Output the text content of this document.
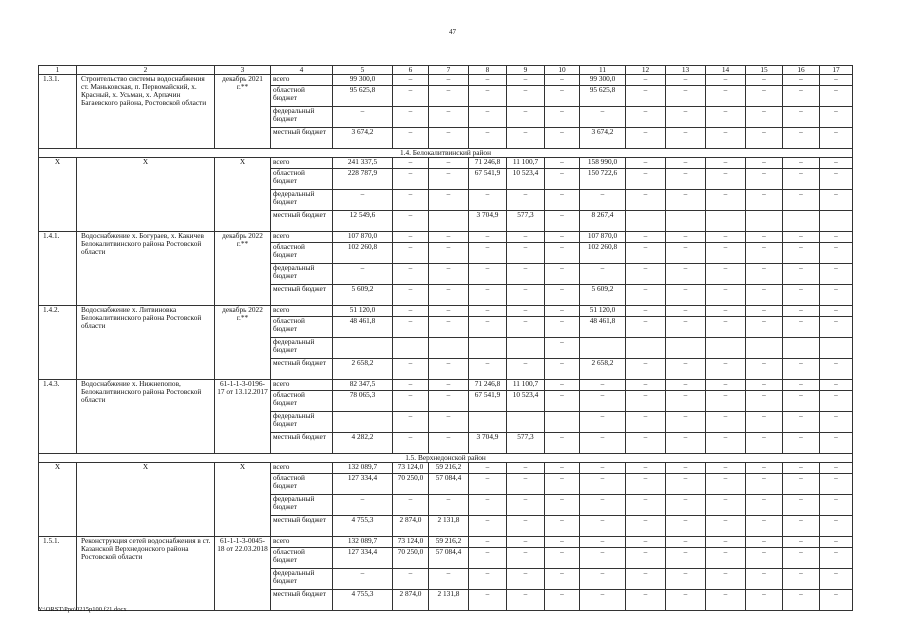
47
1	2	3	4	5	6	7	8	9	10	11	12	13	14	15	16	17
1.3.1.	Строительство системы водоснабжения ст. Маньковская, п. Первомайский, х. Красный, х. Усьман, х. Арпачин Багаевского района, Ростовской области	декабрь 2021 г.**	всего	99 300,0	–	–	–	–	–	99 300,0	–	–	–	–	–	–
			областной бюджет	95 625,8	–	–	–	–	–	95 625,8	–	–	–	–	–	–
			федеральный бюджет	–	–	–	–	–	–	–	–	–	–	–	–	–
			местный бюджет	3 674,2	–	–	–	–	–	3 674,2	–	–	–	–	–	–
1.4. Белокалитвинский район																
Х	Х	Х	всего	241 337,5	–	–	71 246,8	11 100,7	–	158 990,0	–	–	–	–	–	–
			областной бюджет	228 787,9	–	–	67 541,9	10 523,4	–	150 722,6	–	–	–	–	–	–
			федеральный бюджет	–	–	–	–	–	–	–	–	–	–	–	–	–
			местный бюджет	12 549,6	–		3 704,9	577,3	–	8 267,4						
1.4.1.	Водоснабжение х. Богураев, х. Какичев Белокалитвинского района Ростовской области	декабрь 2022 г.**	всего	107 870,0	–	–	–	–	–	107 870,0	–	–	–	–	–	–
			областной бюджет	102 260,8	–	–	–	–	–	102 260,8	–	–	–	–	–	–
			федеральный бюджет	–	–	–	–	–	–	–	–	–	–	–	–	–
			местный бюджет	5 609,2	–	–	–	–	–	5 609,2	–	–	–	–	–	–
1.4.2.	Водоснабжение х. Литвиновка Белокалитвинского района Ростовской области	декабрь 2022 г.**	всего	51 120,0	–	–	–	–	–	51 120,0	–	–	–	–	–	–
			областной бюджет	48 461,8	–	–	–	–	–	48 461,8	–	–	–	–	–	–
			федеральный бюджет						–							
			местный бюджет	2 658,2	–	–	–	–	–	2 658,2	–	–	–	–	–	–
1.4.3.	Водоснабжение х. Нижнепопов, Белокалитвинского района Ростовской области	61-1-1-3-0196-17 от 13.12.2017	всего	82 347,5	–	–	71 246,8	11 100,7	–	–	–	–	–	–	–	–
			областной бюджет	78 065,3	–	–	67 541,9	10 523,4	–	–	–	–	–	–	–	–
			федеральный бюджет		–	–				–	–	–	–	–	–	–
			местный бюджет	4 282,2	–	–	3 704,9	577,3	–	–	–	–	–	–	–	–
1.5. Верхнедонской район																
Х	Х	Х	всего	132 089,7	73 124,0	59 216,2	–	–	–	–	–	–	–	–	–	–
			областной бюджет	127 334,4	70 250,0	57 084,4	–	–	–	–	–	–	–	–	–	–
			федеральный бюджет	–	–	–	–	–	–	–	–	–	–	–	–	–
			местный бюджет	4 755,3	2 874,0	2 131,8	–	–	–	–	–	–	–	–	–	–
1.5.1.	Реконструкция сетей водоснабжения в ст. Казанской Верхнедонского района Ростовской области	61-1-1-3-0045-18 от 22.03.2018	всего	132 089,7	73 124,0	59 216,2	–	–	–	–	–	–	–	–	–	–
			областной бюджет	127 334,4	70 250,0	57 084,4	–	–	–	–	–	–	–	–	–	–
			федеральный бюджет	–	–	–	–	–	–	–	–	–	–	–	–	–
			местный бюджет	4 755,3	2 874,0	2 131,8	–	–	–	–	–	–	–	–	–	–
Y:\ORST\Ppo\0215p100.f21.docx
